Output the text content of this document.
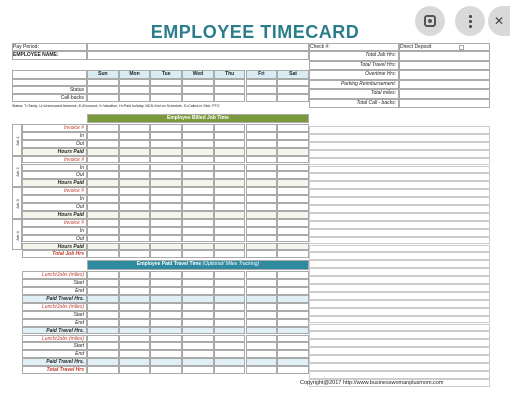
EMPLOYEE TIMECARD
✕
Pay Period:
EMPLOYEE NAME:
Check #:	Direct Deposit
Total Job Hrs:
Total Travel Hrs:
Overtime Hrs:
Parking Reimbursement:
Total miles:
Total Call - backs:
Sun	Mon	Tue	Wed	Thu	Fri	Sat
Status
Call-backs
Status: T=Tardy; U=Unexcused Absence; E=Excused; V=Vacation; H=Paid holiday; NDS=Not on Schedule; S=Called-in Sick; PTO
Employee Billed Job Time
Invoice #
In
Out
Hours Paid
Job 1
Invoice #
In
Out
Hours Paid
Job 2
Invoice #
In
Out
Hours Paid
Job 3
Invoice #
In
Out
Hours Paid
Job 4
Total Job Hrs
Employee Paid Travel Time (Optional/ Miles Tracking)
Lunch/Jobs (miles)
Start
End
Paid Travel Hrs.
Lunch/Jobs (miles)
Start
End
Paid Travel Hrs.
Lunch/Jobs (miles)
Start
End
Paid Travel Hrs.
Total Travel Hrs
Copyright@2017 http://www.businesswomanplusmom.com
